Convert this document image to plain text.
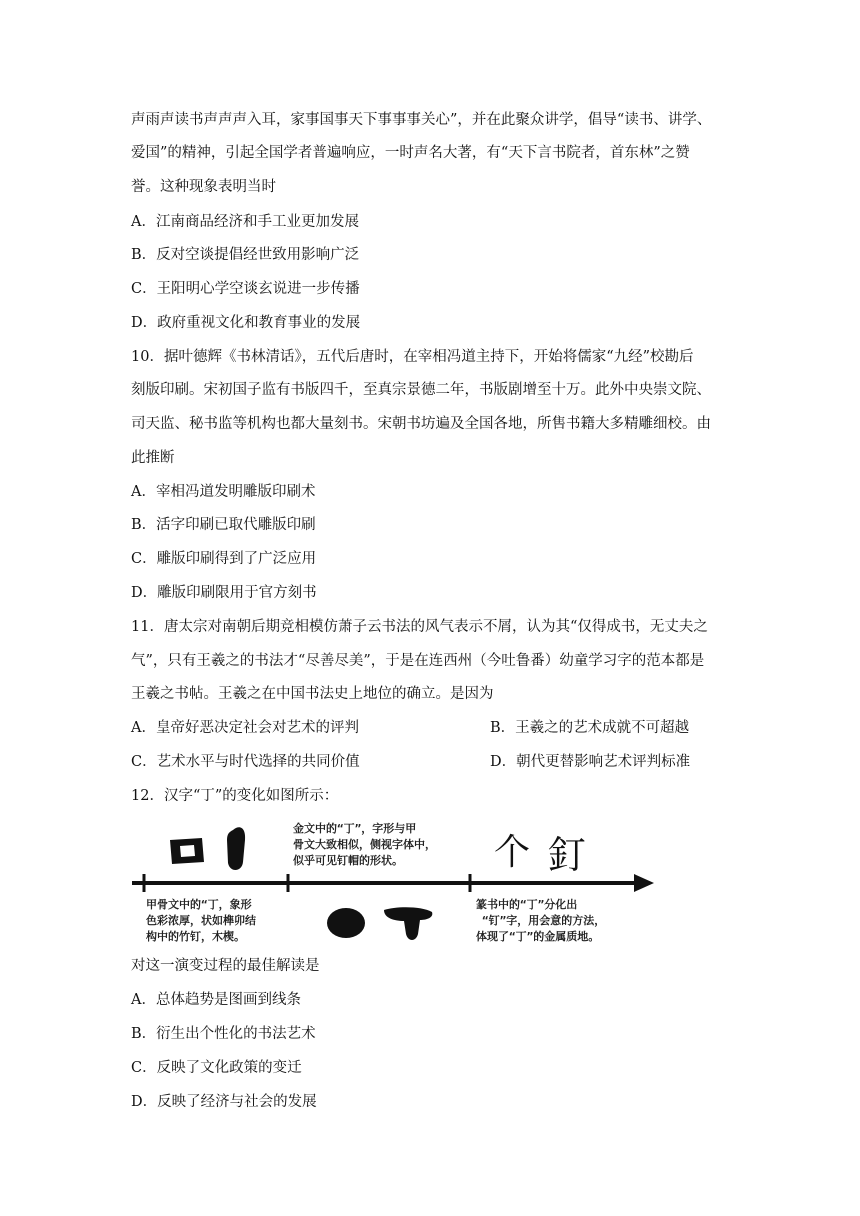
声雨声读书声声声入耳，家事国事天下事事事关心”，并在此聚众讲学，倡导“读书、讲学、
爱国”的精神，引起全国学者普遍响应，一时声名大著，有“天下言书院者，首东林”之赞
誉。这种现象表明当时
A．江南商品经济和手工业更加发展
B．反对空谈提倡经世致用影响广泛
C．王阳明心学空谈玄说进一步传播
D．政府重视文化和教育事业的发展
10．据叶德辉《书林清话》，五代后唐时，在宰相冯道主持下，开始将儒家“九经”校勘后
刻版印刷。宋初国子监有书版四千，至真宗景德二年，书版剧增至十万。此外中央崇文院、
司天监、秘书监等机构也都大量刻书。宋朝书坊遍及全国各地，所售书籍大多精雕细校。由
此推断
A．宰相冯道发明雕版印刷术
B．活字印刷已取代雕版印刷
C．雕版印刷得到了广泛应用
D．雕版印刷限用于官方刻书
11．唐太宗对南朝后期竞相模仿萧子云书法的风气表示不屑，认为其“仅得成书，无丈夫之
气”，只有王羲之的书法才“尽善尽美”，于是在连西州（今吐鲁番）幼童学习字的范本都是
王羲之书帖。王羲之在中国书法史上地位的确立。是因为
A．皇帝好恶决定社会对艺术的评判	B．王羲之的艺术成就不可超越
C．艺术水平与时代选择的共同价值	D．朝代更替影响艺术评判标准
12．汉字“丁”的变化如图所示：
金文中的“丁”，字形与甲
骨文大致相似，侧视字体中，
似乎可见钉帽的形状。	个 釘
甲骨文中的“丁，象形
色彩浓厚，状如榫卯结
构中的竹钉，木楔。
篆书中的“丁”分化出
“钉”字，用会意的方法，
体现了“丁”的金属质地。
对这一演变过程的最佳解读是
A．总体趋势是图画到线条
B．衍生出个性化的书法艺术
C．反映了文化政策的变迁
D．反映了经济与社会的发展
